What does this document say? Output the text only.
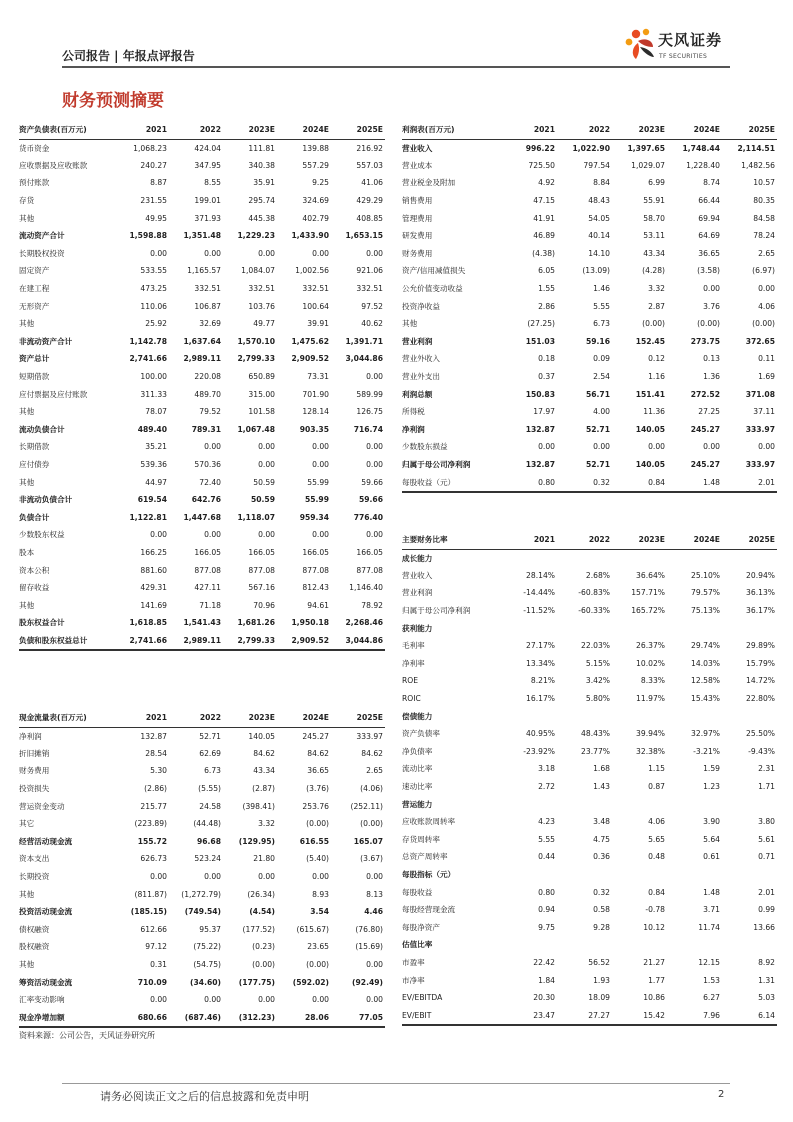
公司报告 | 年报点评报告
天风证券
TF SECURITIES
财务预测摘要
资产负债表(百万元)	2021	2022	2023E	2024E	2025E
货币资金	1,068.23	424.04	111.81	139.88	216.92
应收票据及应收账款	240.27	347.95	340.38	557.29	557.03
预付账款	8.87	8.55	35.91	9.25	41.06
存货	231.55	199.01	295.74	324.69	429.29
其他	49.95	371.93	445.38	402.79	408.85
流动资产合计	1,598.88	1,351.48	1,229.23	1,433.90	1,653.15
长期股权投资	0.00	0.00	0.00	0.00	0.00
固定资产	533.55	1,165.57	1,084.07	1,002.56	921.06
在建工程	473.25	332.51	332.51	332.51	332.51
无形资产	110.06	106.87	103.76	100.64	97.52
其他	25.92	32.69	49.77	39.91	40.62
非流动资产合计	1,142.78	1,637.64	1,570.10	1,475.62	1,391.71
资产总计	2,741.66	2,989.11	2,799.33	2,909.52	3,044.86
短期借款	100.00	220.08	650.89	73.31	0.00
应付票据及应付账款	311.33	489.70	315.00	701.90	589.99
其他	78.07	79.52	101.58	128.14	126.75
流动负债合计	489.40	789.31	1,067.48	903.35	716.74
长期借款	35.21	0.00	0.00	0.00	0.00
应付债券	539.36	570.36	0.00	0.00	0.00
其他	44.97	72.40	50.59	55.99	59.66
非流动负债合计	619.54	642.76	50.59	55.99	59.66
负债合计	1,122.81	1,447.68	1,118.07	959.34	776.40
少数股东权益	0.00	0.00	0.00	0.00	0.00
股本	166.25	166.05	166.05	166.05	166.05
资本公积	881.60	877.08	877.08	877.08	877.08
留存收益	429.31	427.11	567.16	812.43	1,146.40
其他	141.69	71.18	70.96	94.61	78.92
股东权益合计	1,618.85	1,541.43	1,681.26	1,950.18	2,268.46
负债和股东权益总计	2,741.66	2,989.11	2,799.33	2,909.52	3,044.86
利润表(百万元)	2021	2022	2023E	2024E	2025E
营业收入	996.22	1,022.90	1,397.65	1,748.44	2,114.51
营业成本	725.50	797.54	1,029.07	1,228.40	1,482.56
营业税金及附加	4.92	8.84	6.99	8.74	10.57
销售费用	47.15	48.43	55.91	66.44	80.35
管理费用	41.91	54.05	58.70	69.94	84.58
研发费用	46.89	40.14	53.11	64.69	78.24
财务费用	(4.38)	14.10	43.34	36.65	2.65
资产/信用减值损失	6.05	(13.09)	(4.28)	(3.58)	(6.97)
公允价值变动收益	1.55	1.46	3.32	0.00	0.00
投资净收益	2.86	5.55	2.87	3.76	4.06
其他	(27.25)	6.73	(0.00)	(0.00)	(0.00)
营业利润	151.03	59.16	152.45	273.75	372.65
营业外收入	0.18	0.09	0.12	0.13	0.11
营业外支出	0.37	2.54	1.16	1.36	1.69
利润总额	150.83	56.71	151.41	272.52	371.08
所得税	17.97	4.00	11.36	27.25	37.11
净利润	132.87	52.71	140.05	245.27	333.97
少数股东损益	0.00	0.00	0.00	0.00	0.00
归属于母公司净利润	132.87	52.71	140.05	245.27	333.97
每股收益（元）	0.80	0.32	0.84	1.48	2.01
现金流量表(百万元)	2021	2022	2023E	2024E	2025E
净利润	132.87	52.71	140.05	245.27	333.97
折旧摊销	28.54	62.69	84.62	84.62	84.62
财务费用	5.30	6.73	43.34	36.65	2.65
投资损失	(2.86)	(5.55)	(2.87)	(3.76)	(4.06)
营运资金变动	215.77	24.58	(398.41)	253.76	(252.11)
其它	(223.89)	(44.48)	3.32	(0.00)	(0.00)
经营活动现金流	155.72	96.68	(129.95)	616.55	165.07
资本支出	626.73	523.24	21.80	(5.40)	(3.67)
长期投资	0.00	0.00	0.00	0.00	0.00
其他	(811.87)	(1,272.79)	(26.34)	8.93	8.13
投资活动现金流	(185.15)	(749.54)	(4.54)	3.54	4.46
债权融资	612.66	95.37	(177.52)	(615.67)	(76.80)
股权融资	97.12	(75.22)	(0.23)	23.65	(15.69)
其他	0.31	(54.75)	(0.00)	(0.00)	0.00
筹资活动现金流	710.09	(34.60)	(177.75)	(592.02)	(92.49)
汇率变动影响	0.00	0.00	0.00	0.00	0.00
现金净增加额	680.66	(687.46)	(312.23)	28.06	77.05
主要财务比率	2021	2022	2023E	2024E	2025E
成长能力					
营业收入	28.14%	2.68%	36.64%	25.10%	20.94%
营业利润	-14.44%	-60.83%	157.71%	79.57%	36.13%
归属于母公司净利润	-11.52%	-60.33%	165.72%	75.13%	36.17%
获利能力					
毛利率	27.17%	22.03%	26.37%	29.74%	29.89%
净利率	13.34%	5.15%	10.02%	14.03%	15.79%
ROE	8.21%	3.42%	8.33%	12.58%	14.72%
ROIC	16.17%	5.80%	11.97%	15.43%	22.80%
偿债能力					
资产负债率	40.95%	48.43%	39.94%	32.97%	25.50%
净负债率	-23.92%	23.77%	32.38%	-3.21%	-9.43%
流动比率	3.18	1.68	1.15	1.59	2.31
速动比率	2.72	1.43	0.87	1.23	1.71
营运能力					
应收账款周转率	4.23	3.48	4.06	3.90	3.80
存货周转率	5.55	4.75	5.65	5.64	5.61
总资产周转率	0.44	0.36	0.48	0.61	0.71
每股指标（元）					
每股收益	0.80	0.32	0.84	1.48	2.01
每股经营现金流	0.94	0.58	-0.78	3.71	0.99
每股净资产	9.75	9.28	10.12	11.74	13.66
估值比率					
市盈率	22.42	56.52	21.27	12.15	8.92
市净率	1.84	1.93	1.77	1.53	1.31
EV/EBITDA	20.30	18.09	10.86	6.27	5.03
EV/EBIT	23.47	27.27	15.42	7.96	6.14
资料来源：公司公告，天风证券研究所
请务必阅读正文之后的信息披露和免责申明	2
